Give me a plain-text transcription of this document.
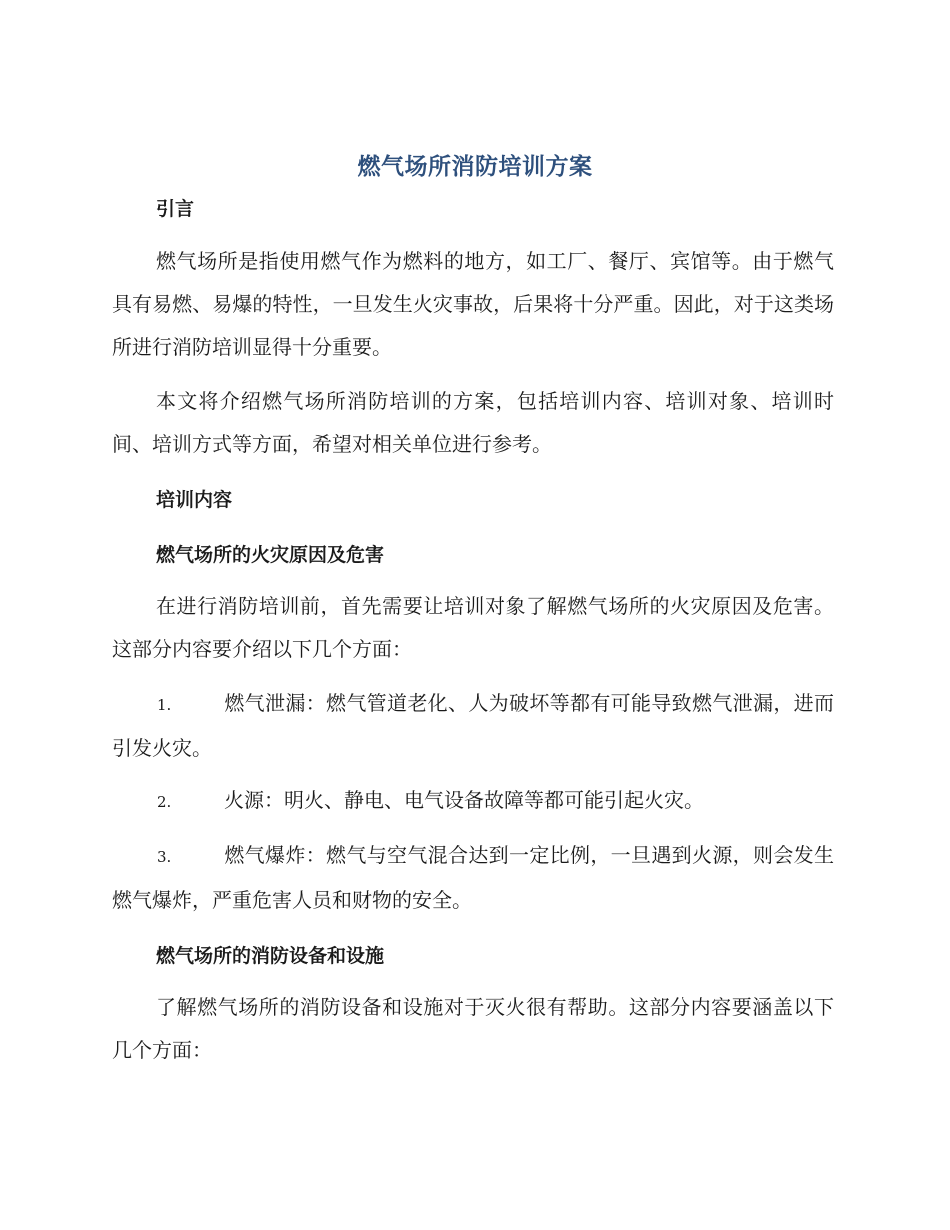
燃气场所消防培训方案
引言
燃气场所是指使用燃气作为燃料的地方，如工厂、餐厅、宾馆等。由于燃气具有易燃、易爆的特性，一旦发生火灾事故，后果将十分严重。因此，对于这类场所进行消防培训显得十分重要。
本文将介绍燃气场所消防培训的方案，包括培训内容、培训对象、培训时间、培训方式等方面，希望对相关单位进行参考。
培训内容
燃气场所的火灾原因及危害
在进行消防培训前，首先需要让培训对象了解燃气场所的火灾原因及危害。这部分内容要介绍以下几个方面：
1.	燃气泄漏：燃气管道老化、人为破坏等都有可能导致燃气泄漏，进而引发火灾。
2.	火源：明火、静电、电气设备故障等都可能引起火灾。
3.	燃气爆炸：燃气与空气混合达到一定比例，一旦遇到火源，则会发生燃气爆炸，严重危害人员和财物的安全。
燃气场所的消防设备和设施
了解燃气场所的消防设备和设施对于灭火很有帮助。这部分内容要涵盖以下几个方面：
